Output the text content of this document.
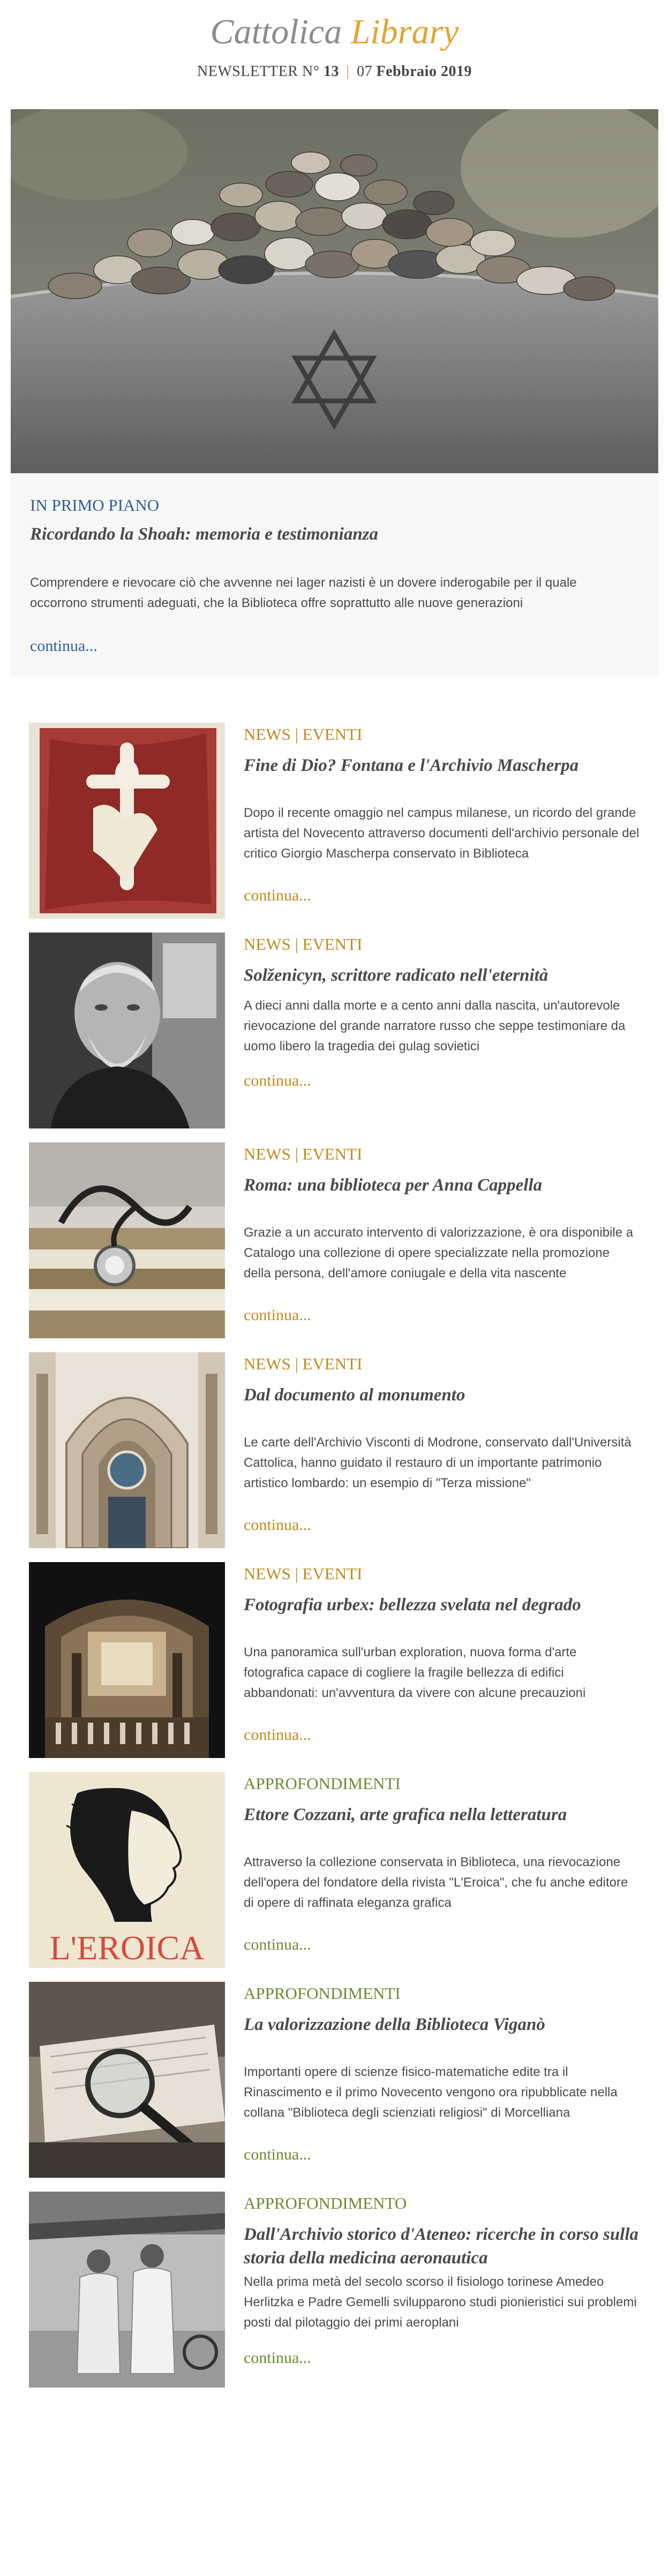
Cattolica Library
NEWSLETTER N° 13 | 07 Febbraio 2019
IN PRIMO PIANO
Ricordando la Shoah: memoria e testimonianza
Comprendere e rievocare ciò che avvenne nei lager nazisti è un dovere inderogabile per il quale occorrono strumenti adeguati, che la Biblioteca offre soprattutto alle nuove generazioni
continua...
NEWS | EVENTI
Fine di Dio? Fontana e l'Archivio Mascherpa
Dopo il recente omaggio nel campus milanese, un ricordo del grande artista del Novecento attraverso documenti dell'archivio personale del critico Giorgio Mascherpa conservato in Biblioteca
continua...
NEWS | EVENTI
Solženicyn, scrittore radicato nell'eternità
A dieci anni dalla morte e a cento anni dalla nascita, un'autorevole rievocazione del grande narratore russo che seppe testimoniare da uomo libero la tragedia dei gulag sovietici
continua...
NEWS | EVENTI
Roma: una biblioteca per Anna Cappella
Grazie a un accurato intervento di valorizzazione, è ora disponibile a Catalogo una collezione di opere specializzate nella promozione della persona, dell'amore coniugale e della vita nascente
continua...
NEWS | EVENTI
Dal documento al monumento
Le carte dell'Archivio Visconti di Modrone, conservato dall'Università Cattolica, hanno guidato il restauro di un importante patrimonio artistico lombardo: un esempio di "Terza missione"
continua...
NEWS | EVENTI
Fotografia urbex: bellezza svelata nel degrado
Una panoramica sull'urban exploration, nuova forma d'arte fotografica capace di cogliere la fragile bellezza di edifici abbandonati: un'avventura da vivere con alcune precauzioni
continua...
L'EROICA
APPROFONDIMENTI
Ettore Cozzani, arte grafica nella letteratura
Attraverso la collezione conservata in Biblioteca, una rievocazione dell'opera del fondatore della rivista "L'Eroica", che fu anche editore di opere di raffinata eleganza grafica
continua...
APPROFONDIMENTI
La valorizzazione della Biblioteca Viganò
Importanti opere di scienze fisico-matematiche edite tra il Rinascimento e il primo Novecento vengono ora ripubblicate nella collana "Biblioteca degli scienziati religiosi" di Morcelliana
continua...
APPROFONDIMENTO
Dall'Archivio storico d'Ateneo: ricerche in corso sulla storia della medicina aeronautica
Nella prima metà del secolo scorso il fisiologo torinese Amedeo Herlitzka e Padre Gemelli svilupparono studi pionieristici sui problemi posti dal pilotaggio dei primi aeroplani
continua...
